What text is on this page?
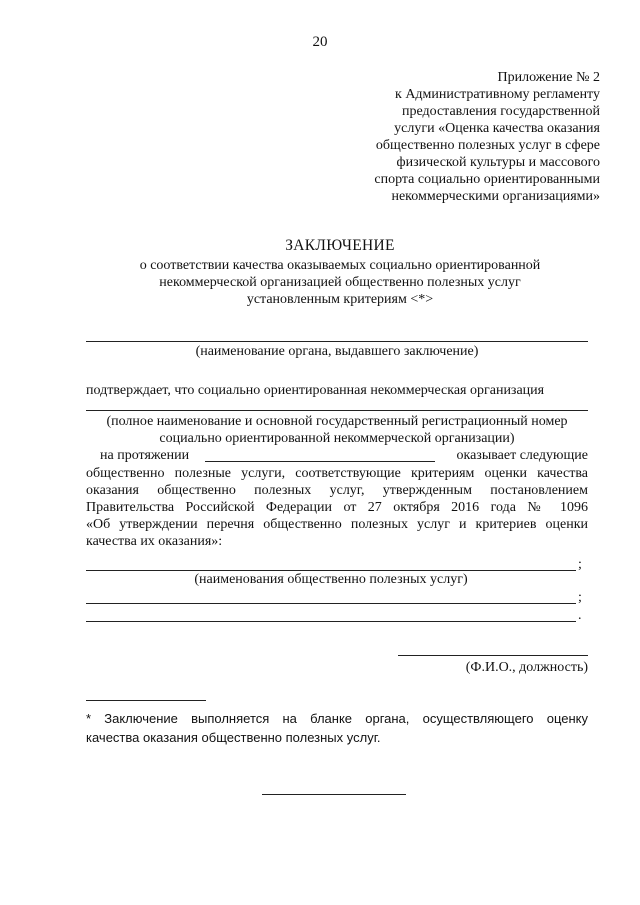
20
Приложение № 2
к Административному регламенту
предоставления государственной
услуги «Оценка качества оказания
общественно полезных услуг в сфере
физической культуры и массового
спорта социально ориентированными
некоммерческими организациями»
ЗАКЛЮЧЕНИЕ
о соответствии качества оказываемых социально ориентированной
некоммерческой организацией общественно полезных услуг
установленным критериям <*>
(наименование органа, выдавшего заключение)
подтверждает, что социально ориентированная некоммерческая организация
(полное наименование и основной государственный регистрационный номер
социально ориентированной некоммерческой организации)
на протяжении	оказывает следующие
общественно полезные услуги, соответствующие критериям оценки качества
оказания общественно полезных услуг, утвержденным постановлением
Правительства Российской Федерации от 27 октября 2016 года № 1096
«Об утверждении перечня общественно полезных услуг и критериев оценки
качества их оказания»:
;
(наименования общественно полезных услуг)
;
.
(Ф.И.О., должность)
* Заключение выполняется на бланке органа, осуществляющего оценку
качества оказания общественно полезных услуг.
